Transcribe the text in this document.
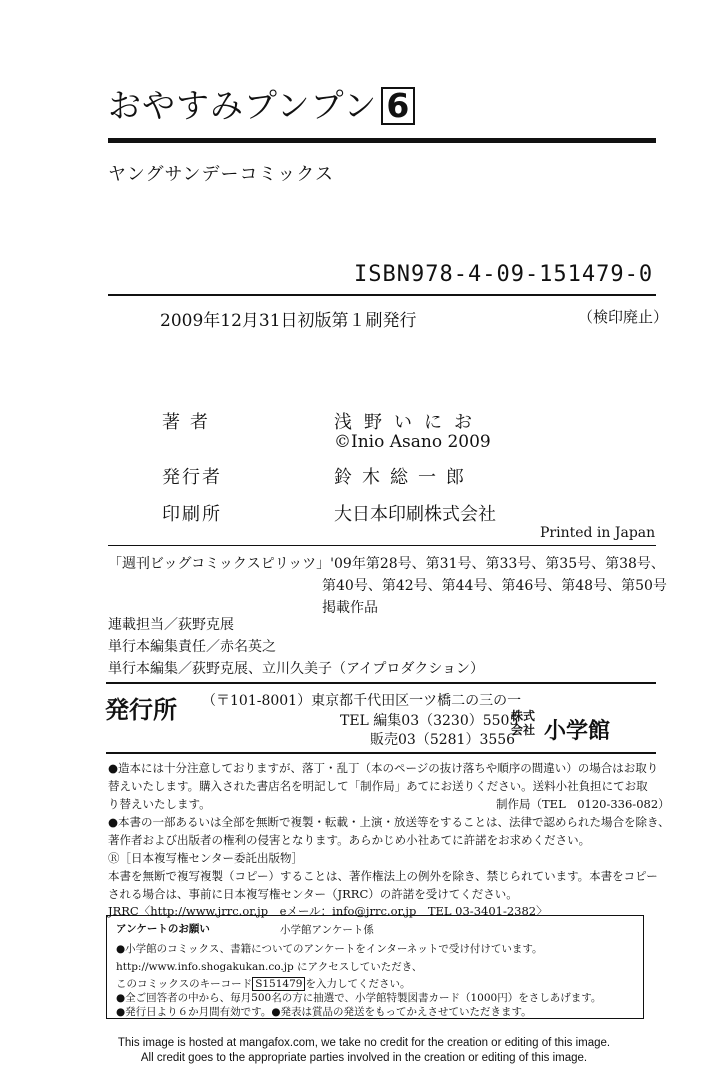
おやすみプンプン 6
ヤングサンデーコミックス
ISBN978-4-09-151479-0
2009年12月31日初版第１刷発行	（検印廃止）
著者	浅野いにお
©Inio Asano 2009
発行者	鈴木総一郎
印刷所	大日本印刷株式会社
Printed in Japan
「週刊ビッグコミックスピリッツ」'09年第28号、第31号、第33号、第35号、第38号、
第40号、第42号、第44号、第46号、第48号、第50号
掲載作品
連載担当／荻野克展
単行本編集責任／赤名英之
単行本編集／荻野克展、立川久美子（アイプロダクション）
発行所 （〒101-8001）東京都千代田区一ツ橋二の三の一
TEL 編集03（3230）5505
販売03（5281）3556
株式
会社 小学館
●造本には十分注意しておりますが、落丁・乱丁（本のページの抜け落ちや順序の間違い）の場合はお取り
替えいたします。購入された書店名を明記して「制作局」あてにお送りください。送料小社負担にてお取
り替えいたします。	制作局（TEL　0120-336-082）
●本書の一部あるいは全部を無断で複製・転載・上演・放送等をすることは、法律で認められた場合を除き、
著作者および出版者の権利の侵害となります。あらかじめ小社あてに許諾をお求めください。
Ⓡ［日本複写権センター委託出版物］
本書を無断で複写複製（コピー）することは、著作権法上の例外を除き、禁じられています。本書をコピー
される場合は、事前に日本複写権センター（JRRC）の許諾を受けてください。
JRRC〈http://www.jrrc.or.jp　eメール：info@jrrc.or.jp　TEL 03-3401-2382〉
アンケートのお願い	小学館アンケート係
●小学館のコミックス、書籍についてのアンケートをインターネットで受け付けています。
http://www.info.shogakukan.co.jp にアクセスしていただき、
このコミックスのキーコード S151479 を入力してください。
●全ご回答者の中から、毎月500名の方に抽選で、小学館特製図書カード（1000円）をさしあげます。
●発行日より６か月間有効です。●発表は賞品の発送をもってかえさせていただきます。
This image is hosted at mangafox.com, we take no credit for the creation or editing of this image.
All credit goes to the appropriate parties involved in the creation or editing of this image.
